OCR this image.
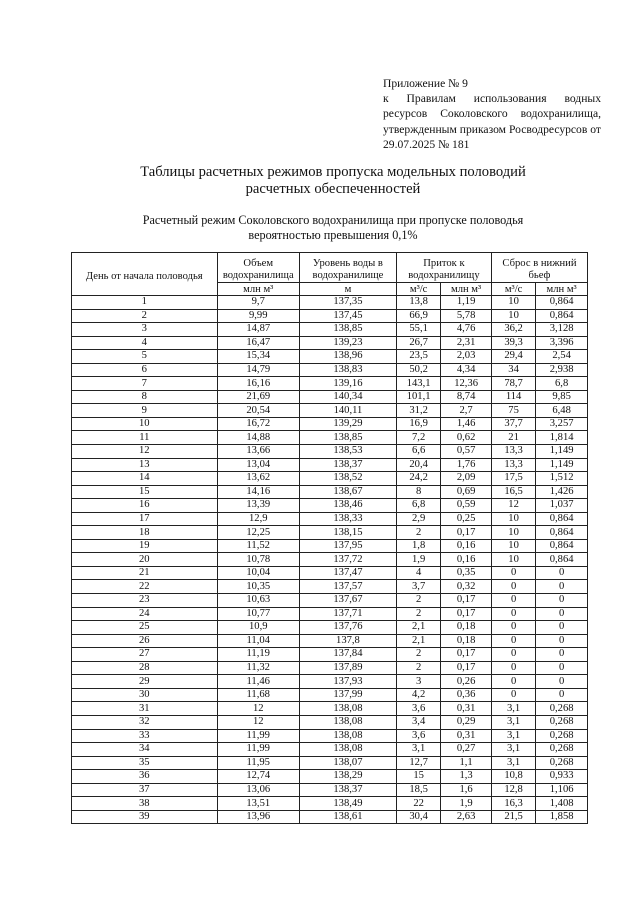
Приложение № 9
к Правилам использования водных ресурсов Соколовского водохранилища, утвержденным приказом Росводресурсов от 29.07.2025 № 181
Таблицы расчетных режимов пропуска модельных половодий
расчетных обеспеченностей
Расчетный режим Соколовского водохранилища при пропуске половодья
вероятностью превышения 0,1%
День от начала половодья	Объем водохранилища	Уровень воды в водохранилище	Приток к водохранилищу		Сброс в нижний бьеф	
	млн м³	м	м³/с	млн м³	м³/с	млн м³
1	9,7	137,35	13,8	1,19	10	0,864
2	9,99	137,45	66,9	5,78	10	0,864
3	14,87	138,85	55,1	4,76	36,2	3,128
4	16,47	139,23	26,7	2,31	39,3	3,396
5	15,34	138,96	23,5	2,03	29,4	2,54
6	14,79	138,83	50,2	4,34	34	2,938
7	16,16	139,16	143,1	12,36	78,7	6,8
8	21,69	140,34	101,1	8,74	114	9,85
9	20,54	140,11	31,2	2,7	75	6,48
10	16,72	139,29	16,9	1,46	37,7	3,257
11	14,88	138,85	7,2	0,62	21	1,814
12	13,66	138,53	6,6	0,57	13,3	1,149
13	13,04	138,37	20,4	1,76	13,3	1,149
14	13,62	138,52	24,2	2,09	17,5	1,512
15	14,16	138,67	8	0,69	16,5	1,426
16	13,39	138,46	6,8	0,59	12	1,037
17	12,9	138,33	2,9	0,25	10	0,864
18	12,25	138,15	2	0,17	10	0,864
19	11,52	137,95	1,8	0,16	10	0,864
20	10,78	137,72	1,9	0,16	10	0,864
21	10,04	137,47	4	0,35	0	0
22	10,35	137,57	3,7	0,32	0	0
23	10,63	137,67	2	0,17	0	0
24	10,77	137,71	2	0,17	0	0
25	10,9	137,76	2,1	0,18	0	0
26	11,04	137,8	2,1	0,18	0	0
27	11,19	137,84	2	0,17	0	0
28	11,32	137,89	2	0,17	0	0
29	11,46	137,93	3	0,26	0	0
30	11,68	137,99	4,2	0,36	0	0
31	12	138,08	3,6	0,31	3,1	0,268
32	12	138,08	3,4	0,29	3,1	0,268
33	11,99	138,08	3,6	0,31	3,1	0,268
34	11,99	138,08	3,1	0,27	3,1	0,268
35	11,95	138,07	12,7	1,1	3,1	0,268
36	12,74	138,29	15	1,3	10,8	0,933
37	13,06	138,37	18,5	1,6	12,8	1,106
38	13,51	138,49	22	1,9	16,3	1,408
39	13,96	138,61	30,4	2,63	21,5	1,858
